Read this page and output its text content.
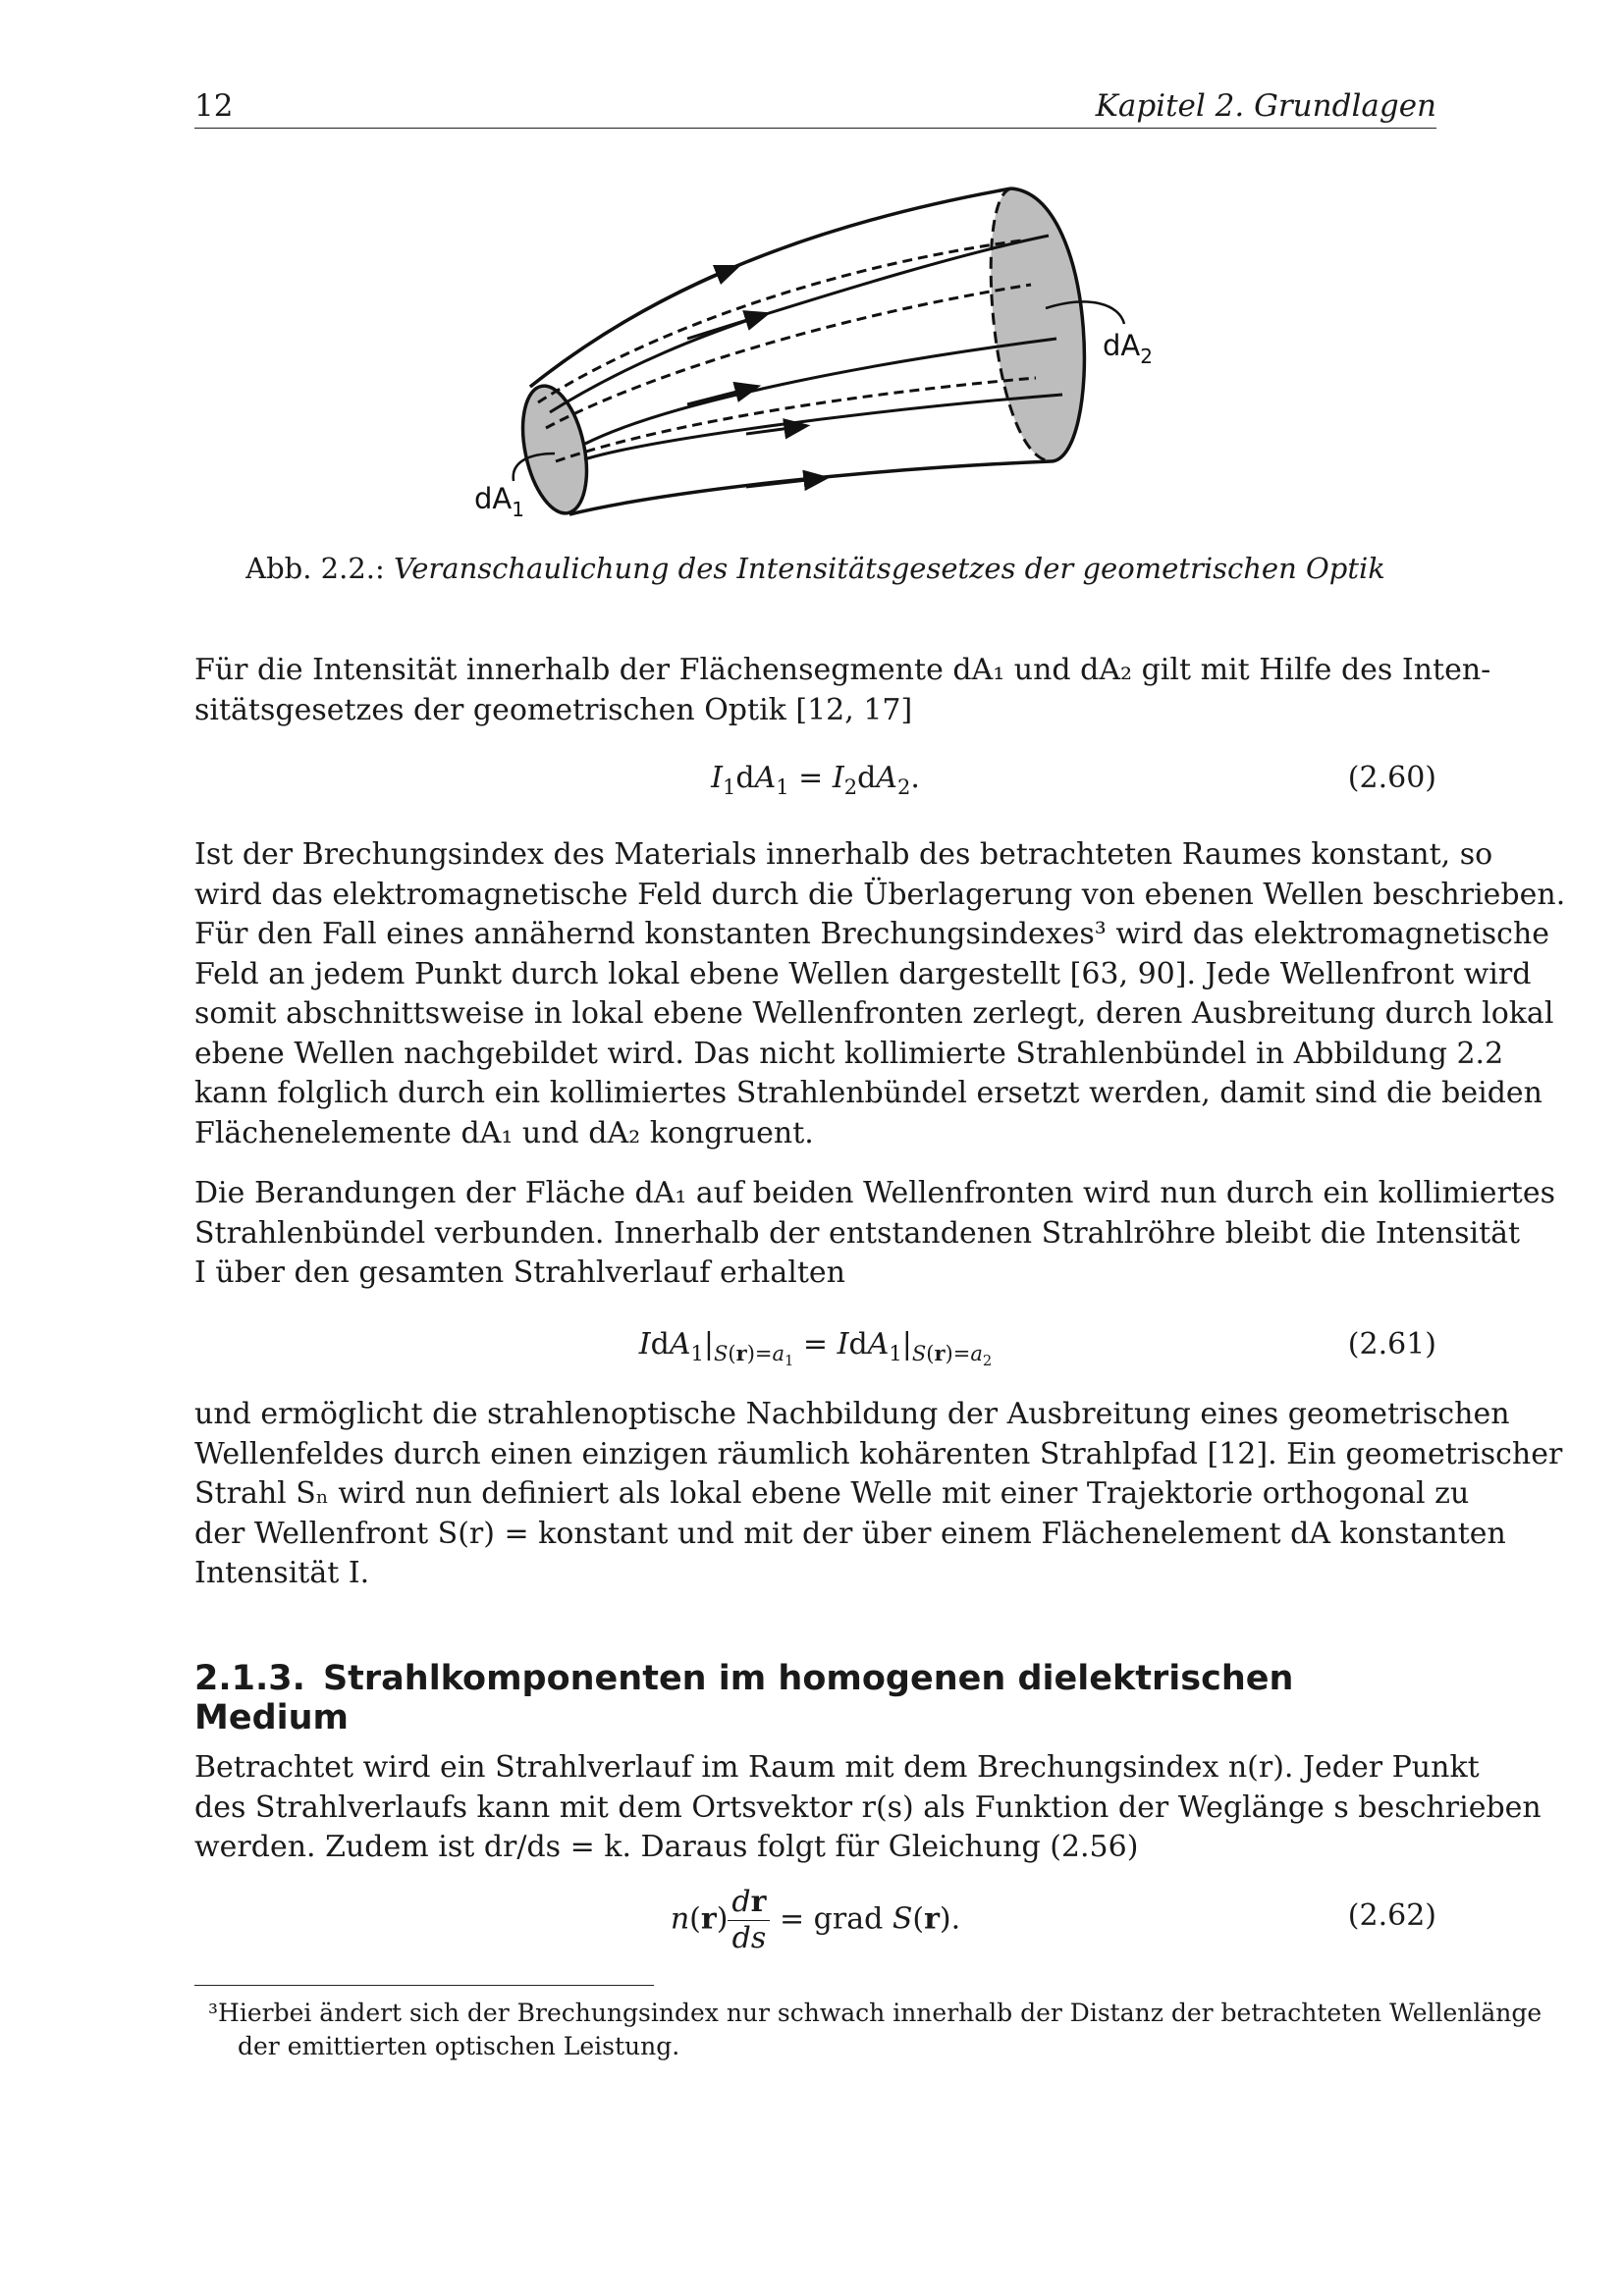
12	Kapitel 2. Grundlagen
$dA_1$
$dA_2$
Abb. 2.2.: Veranschaulichung des Intensitätsgesetzes der geometrischen Optik
Für die Intensität innerhalb der Flächensegmente dA₁ und dA₂ gilt mit Hilfe des Inten-
sitätsgesetzes der geometrischen Optik [12, 17]
$I_1dA_1 = I_2dA_2$.	(2.60)
Ist der Brechungsindex des Materials innerhalb des betrachteten Raumes konstant, so
wird das elektromagnetische Feld durch die Überlagerung von ebenen Wellen beschrieben.
Für den Fall eines annähernd konstanten Brechungsindexes³ wird das elektromagnetische
Feld an jedem Punkt durch lokal ebene Wellen dargestellt [63, 90]. Jede Wellenfront wird
somit abschnittsweise in lokal ebene Wellenfronten zerlegt, deren Ausbreitung durch lokal
ebene Wellen nachgebildet wird. Das nicht kollimierte Strahlenbündel in Abbildung 2.2
kann folglich durch ein kollimiertes Strahlenbündel ersetzt werden, damit sind die beiden
Flächenelemente dA₁ und dA₂ kongruent.
Die Berandungen der Fläche dA₁ auf beiden Wellenfronten wird nun durch ein kollimiertes
Strahlenbündel verbunden. Innerhalb der entstandenen Strahlröhre bleibt die Intensität
I über den gesamten Strahlverlauf erhalten
$IdA_1|_{S(r)=a_1} = IdA_1|_{S(r)=a_2}$	(2.61)
und ermöglicht die strahlenoptische Nachbildung der Ausbreitung eines geometrischen
Wellenfeldes durch einen einzigen räumlich kohärenten Strahlpfad [12]. Ein geometrischer
Strahl Sₙ wird nun definiert als lokal ebene Welle mit einer Trajektorie orthogonal zu
der Wellenfront S(r) = konstant und mit der über einem Flächenelement dA konstanten
Intensität I.
2.1.3. Strahlkomponenten im homogenen dielektrischen Medium
Betrachtet wird ein Strahlverlauf im Raum mit dem Brechungsindex n(r). Jeder Punkt
des Strahlverlaufs kann mit dem Ortsvektor r(s) als Funktion der Weglänge s beschrieben
werden. Zudem ist dr/ds = k. Daraus folgt für Gleichung (2.56)
$n(r) \frac{dr}{ds}$ = grad S(r).	(2.62)
³Hierbei ändert sich der Brechungsindex nur schwach innerhalb der Distanz der betrachteten Wellenlänge
der emittierten optischen Leistung.
